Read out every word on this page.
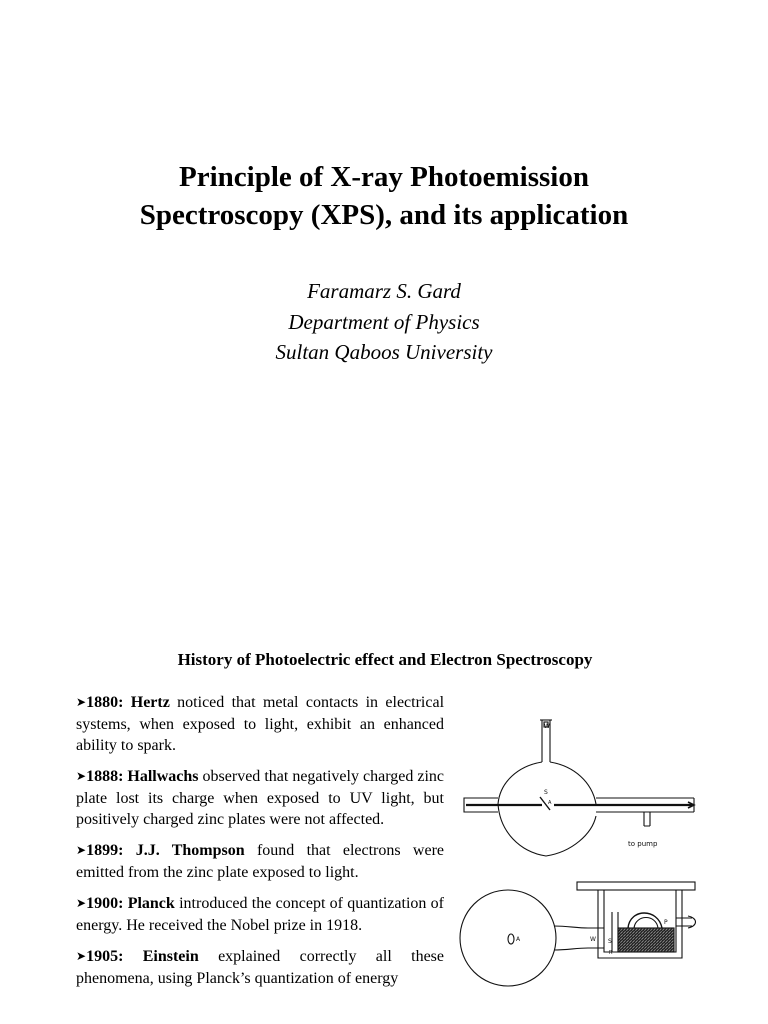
Principle of X-ray Photoemission
Spectroscopy (XPS), and its application
Faramarz S. Gard
Department of Physics
Sultan Qaboos University
History of Photoelectric effect and Electron Spectroscopy

➤1880: Hertz noticed that metal contacts in electrical systems, when exposed to light, exhibit an enhanced ability to spark.

➤1888: Hallwachs observed that negatively charged zinc plate lost its charge when exposed to UV light, but positively charged zinc plates were not affected.

➤1899: J.J. Thompson found that electrons were emitted from the zinc plate exposed to light.

➤1900: Planck introduced the concept of quantization of energy. He received the Nobel prize in 1918.

➤1905: Einstein explained correctly all these phenomena, using Planck’s quantization of energy

W
S
A
to pump
A	W S
R
P
